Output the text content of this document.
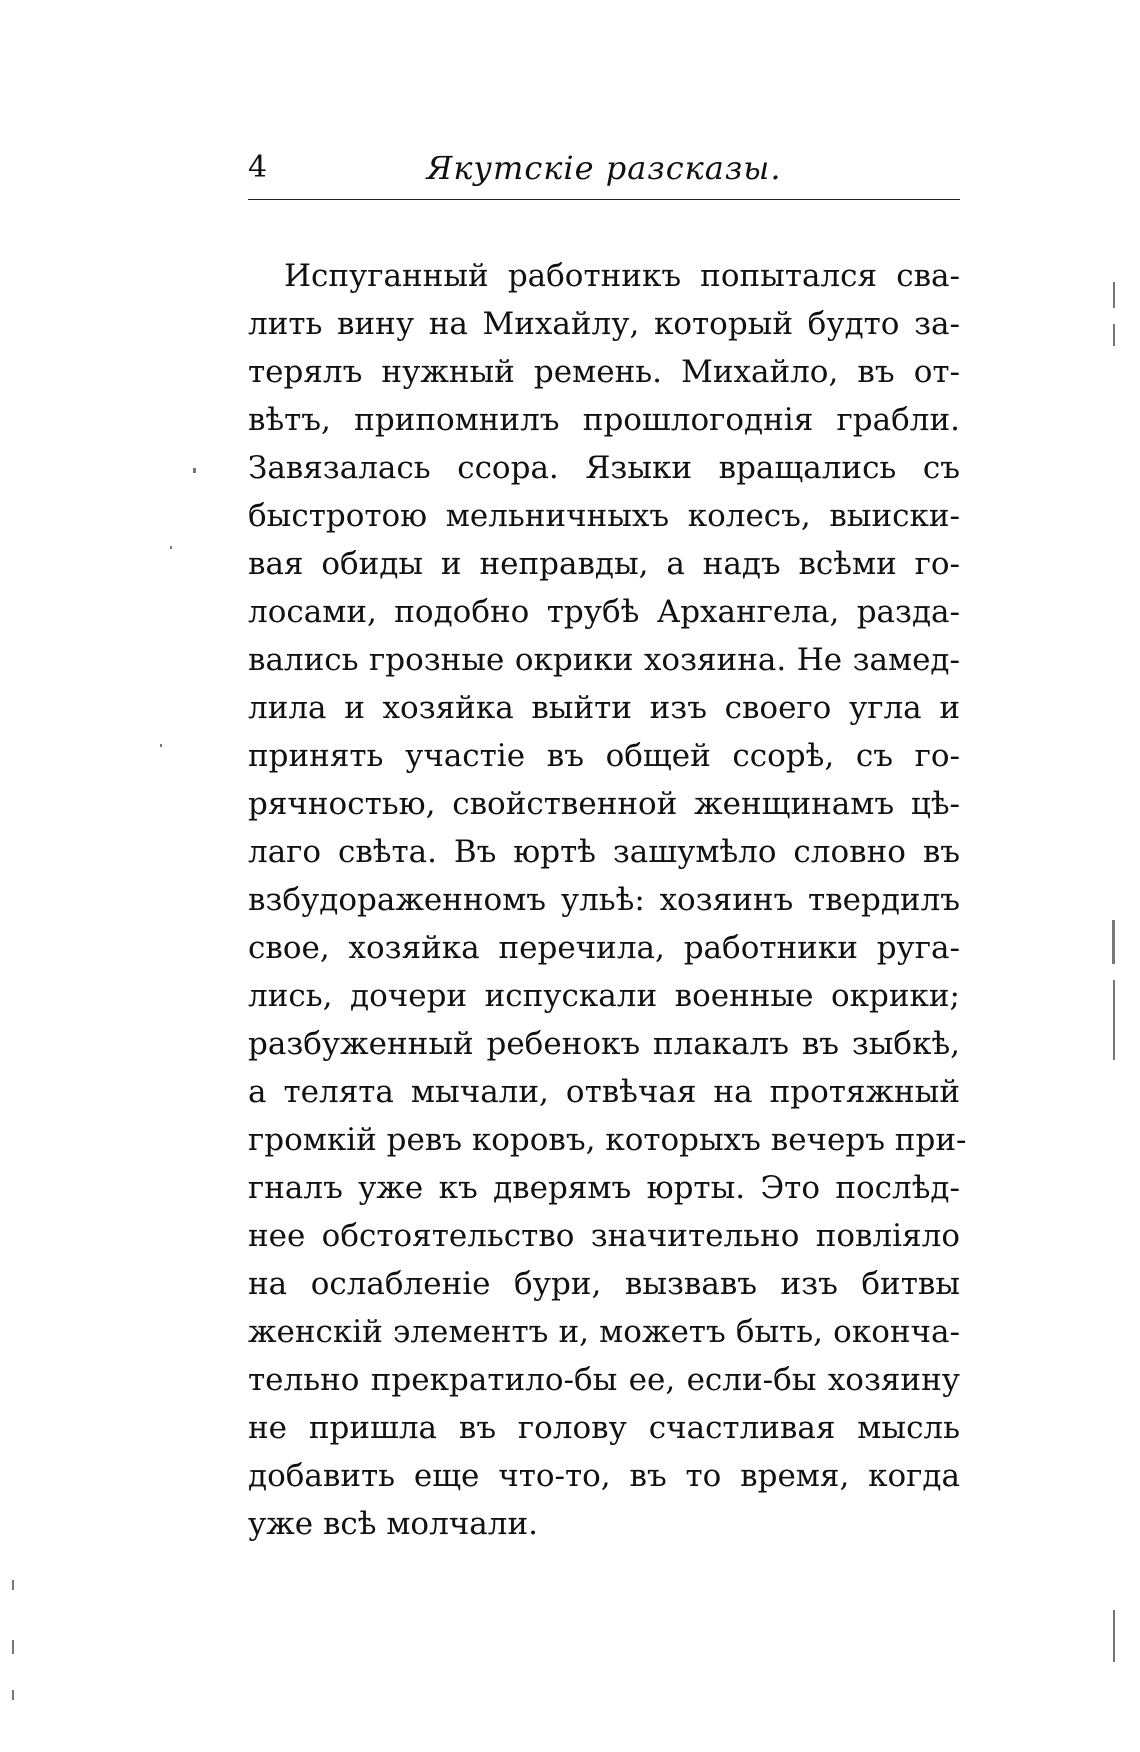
Якутскіе разсказы.
4
Испуганный работникъ попытался сва-
лить вину на Михайлу, который будто за-
терялъ нужный ремень. Михайло, въ от-
вѣтъ, припомнилъ прошлогоднія грабли.
Завязалась ссора. Языки вращались съ
быстротою мельничныхъ колесъ, выиски-
вая обиды и неправды, а надъ всѣми го-
лосами, подобно трубѣ Архангела, разда-
вались грозные окрики хозяина. Не замед-
лила и хозяйка выйти изъ своего угла и
принять участіе въ общей ссорѣ, съ го-
рячностью, свойственной женщинамъ цѣ-
лаго свѣта. Въ юртѣ зашумѣло словно въ
взбудораженномъ ульѣ: хозяинъ твердилъ
свое, хозяйка перечила, работники руга-
лись, дочери испускали военные окрики;
разбуженный ребенокъ плакалъ въ зыбкѣ,
а телята мычали, отвѣчая на протяжный
громкій ревъ коровъ, которыхъ вечеръ при-
гналъ уже къ дверямъ юрты. Это послѣд-
нее обстоятельство значительно повліяло
на ослабленіе бури, вызвавъ изъ битвы
женскій элементъ и, можетъ быть, оконча-
тельно прекратило-бы ее, если-бы хозяину
не пришла въ голову счастливая мысль
добавить еще что-то, въ то время, когда
уже всѣ молчали.
